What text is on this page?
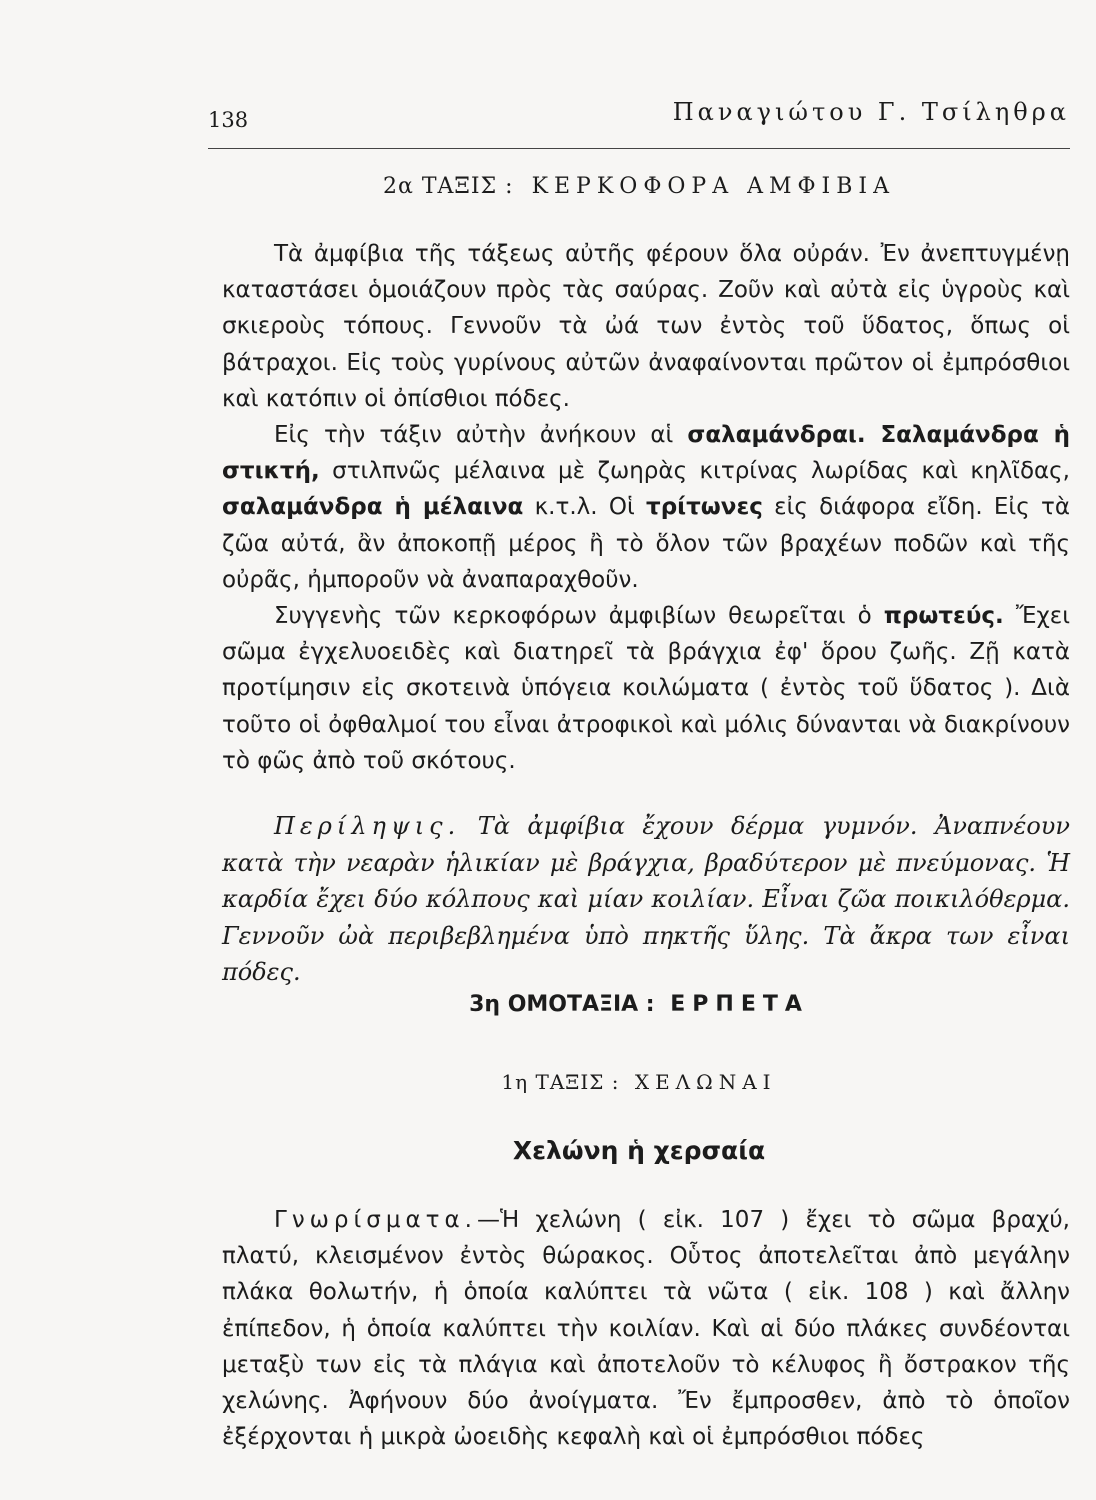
138	Παναγιώτου Γ. Τσίληθρα
2α ΤΑΞΙΣ : ΚΕΡΚΟΦΟΡΑ ΑΜΦΙΒΙΑ

Τὰ ἀμφίβια τῆς τάξεως αὐτῆς φέρουν ὅλα οὐράν. Ἐν ἀνεπτυγμένῃ καταστάσει ὁμοιάζουν πρὸς τὰς σαύρας. Ζοῦν καὶ αὐτὰ εἰς ὑγροὺς καὶ σκιεροὺς τόπους. Γεννοῦν τὰ ὠά των ἐντὸς τοῦ ὕδατος, ὅπως οἱ βάτραχοι. Εἰς τοὺς γυρίνους αὐτῶν ἀναφαίνονται πρῶτον οἱ ἐμπρόσθιοι καὶ κατόπιν οἱ ὀπίσθιοι πόδες.

Εἰς τὴν τάξιν αὐτὴν ἀνήκουν αἱ σαλαμάνδραι. Σαλαμάνδρα ἡ στικτή, στιλπνῶς μέλαινα μὲ ζωηρὰς κιτρίνας λωρίδας καὶ κηλῖδας, σαλαμάνδρα ἡ μέλαινα κ.τ.λ. Οἱ τρίτωνες εἰς διάφορα εἴδη. Εἰς τὰ ζῶα αὐτά, ἂν ἀποκοπῇ μέρος ἢ τὸ ὅλον τῶν βραχέων ποδῶν καὶ τῆς οὐρᾶς, ἠμποροῦν νὰ ἀναπαραχθοῦν.

Συγγενὴς τῶν κερκοφόρων ἀμφιβίων θεωρεῖται ὁ πρωτεύς. Ἔχει σῶμα ἐγχελυοειδὲς καὶ διατηρεῖ τὰ βράγχια ἐφ' ὅρου ζωῆς. Ζῇ κατὰ προτίμησιν εἰς σκοτεινὰ ὑπόγεια κοιλώματα ( ἐντὸς τοῦ ὕδατος ). Διὰ τοῦτο οἱ ὀφθαλμοί του εἶναι ἀτροφικοὶ καὶ μόλις δύνανται νὰ διακρίνουν τὸ φῶς ἀπὸ τοῦ σκότους.

Περίληψις. Τὰ ἀμφίβια ἔχουν δέρμα γυμνόν. Ἀναπνέουν κατὰ τὴν νεαρὰν ἡλικίαν μὲ βράγχια, βραδύτερον μὲ πνεύμονας. Ἡ καρδία ἔχει δύο κόλπους καὶ μίαν κοιλίαν. Εἶναι ζῶα ποικιλόθερμα. Γεννοῦν ὠὰ περιβεβλημένα ὑπὸ πηκτῆς ὕλης. Τὰ ἄκρα των εἶναι πόδες.

3η ΟΜΟΤΑΞΙΑ : ΕΡΠΕΤΑ
1η ΤΑΞΙΣ : ΧΕΛΩΝΑΙ
Χελώνη ἡ χερσαία

Γνωρίσματα.—Ἡ χελώνη ( εἰκ. 107 ) ἔχει τὸ σῶμα βραχύ, πλατύ, κλεισμένον ἐντὸς θώρακος. Οὗτος ἀποτελεῖται ἀπὸ μεγάλην πλάκα θολωτήν, ἡ ὁποία καλύπτει τὰ νῶτα ( εἰκ. 108 ) καὶ ἄλλην ἐπίπεδον, ἡ ὁποία καλύπτει τὴν κοιλίαν. Καὶ αἱ δύο πλάκες συνδέονται μεταξὺ των εἰς τὰ πλάγια καὶ ἀποτελοῦν τὸ κέλυφος ἢ ὄστρακον τῆς χελώνης. Ἀφήνουν δύο ἀνοίγματα. Ἔν ἔμπροσθεν, ἀπὸ τὸ ὁποῖον ἐξέρχονται ἡ μικρὰ ὠοειδὴς κεφαλὴ καὶ οἱ ἐμπρόσθιοι πόδες
